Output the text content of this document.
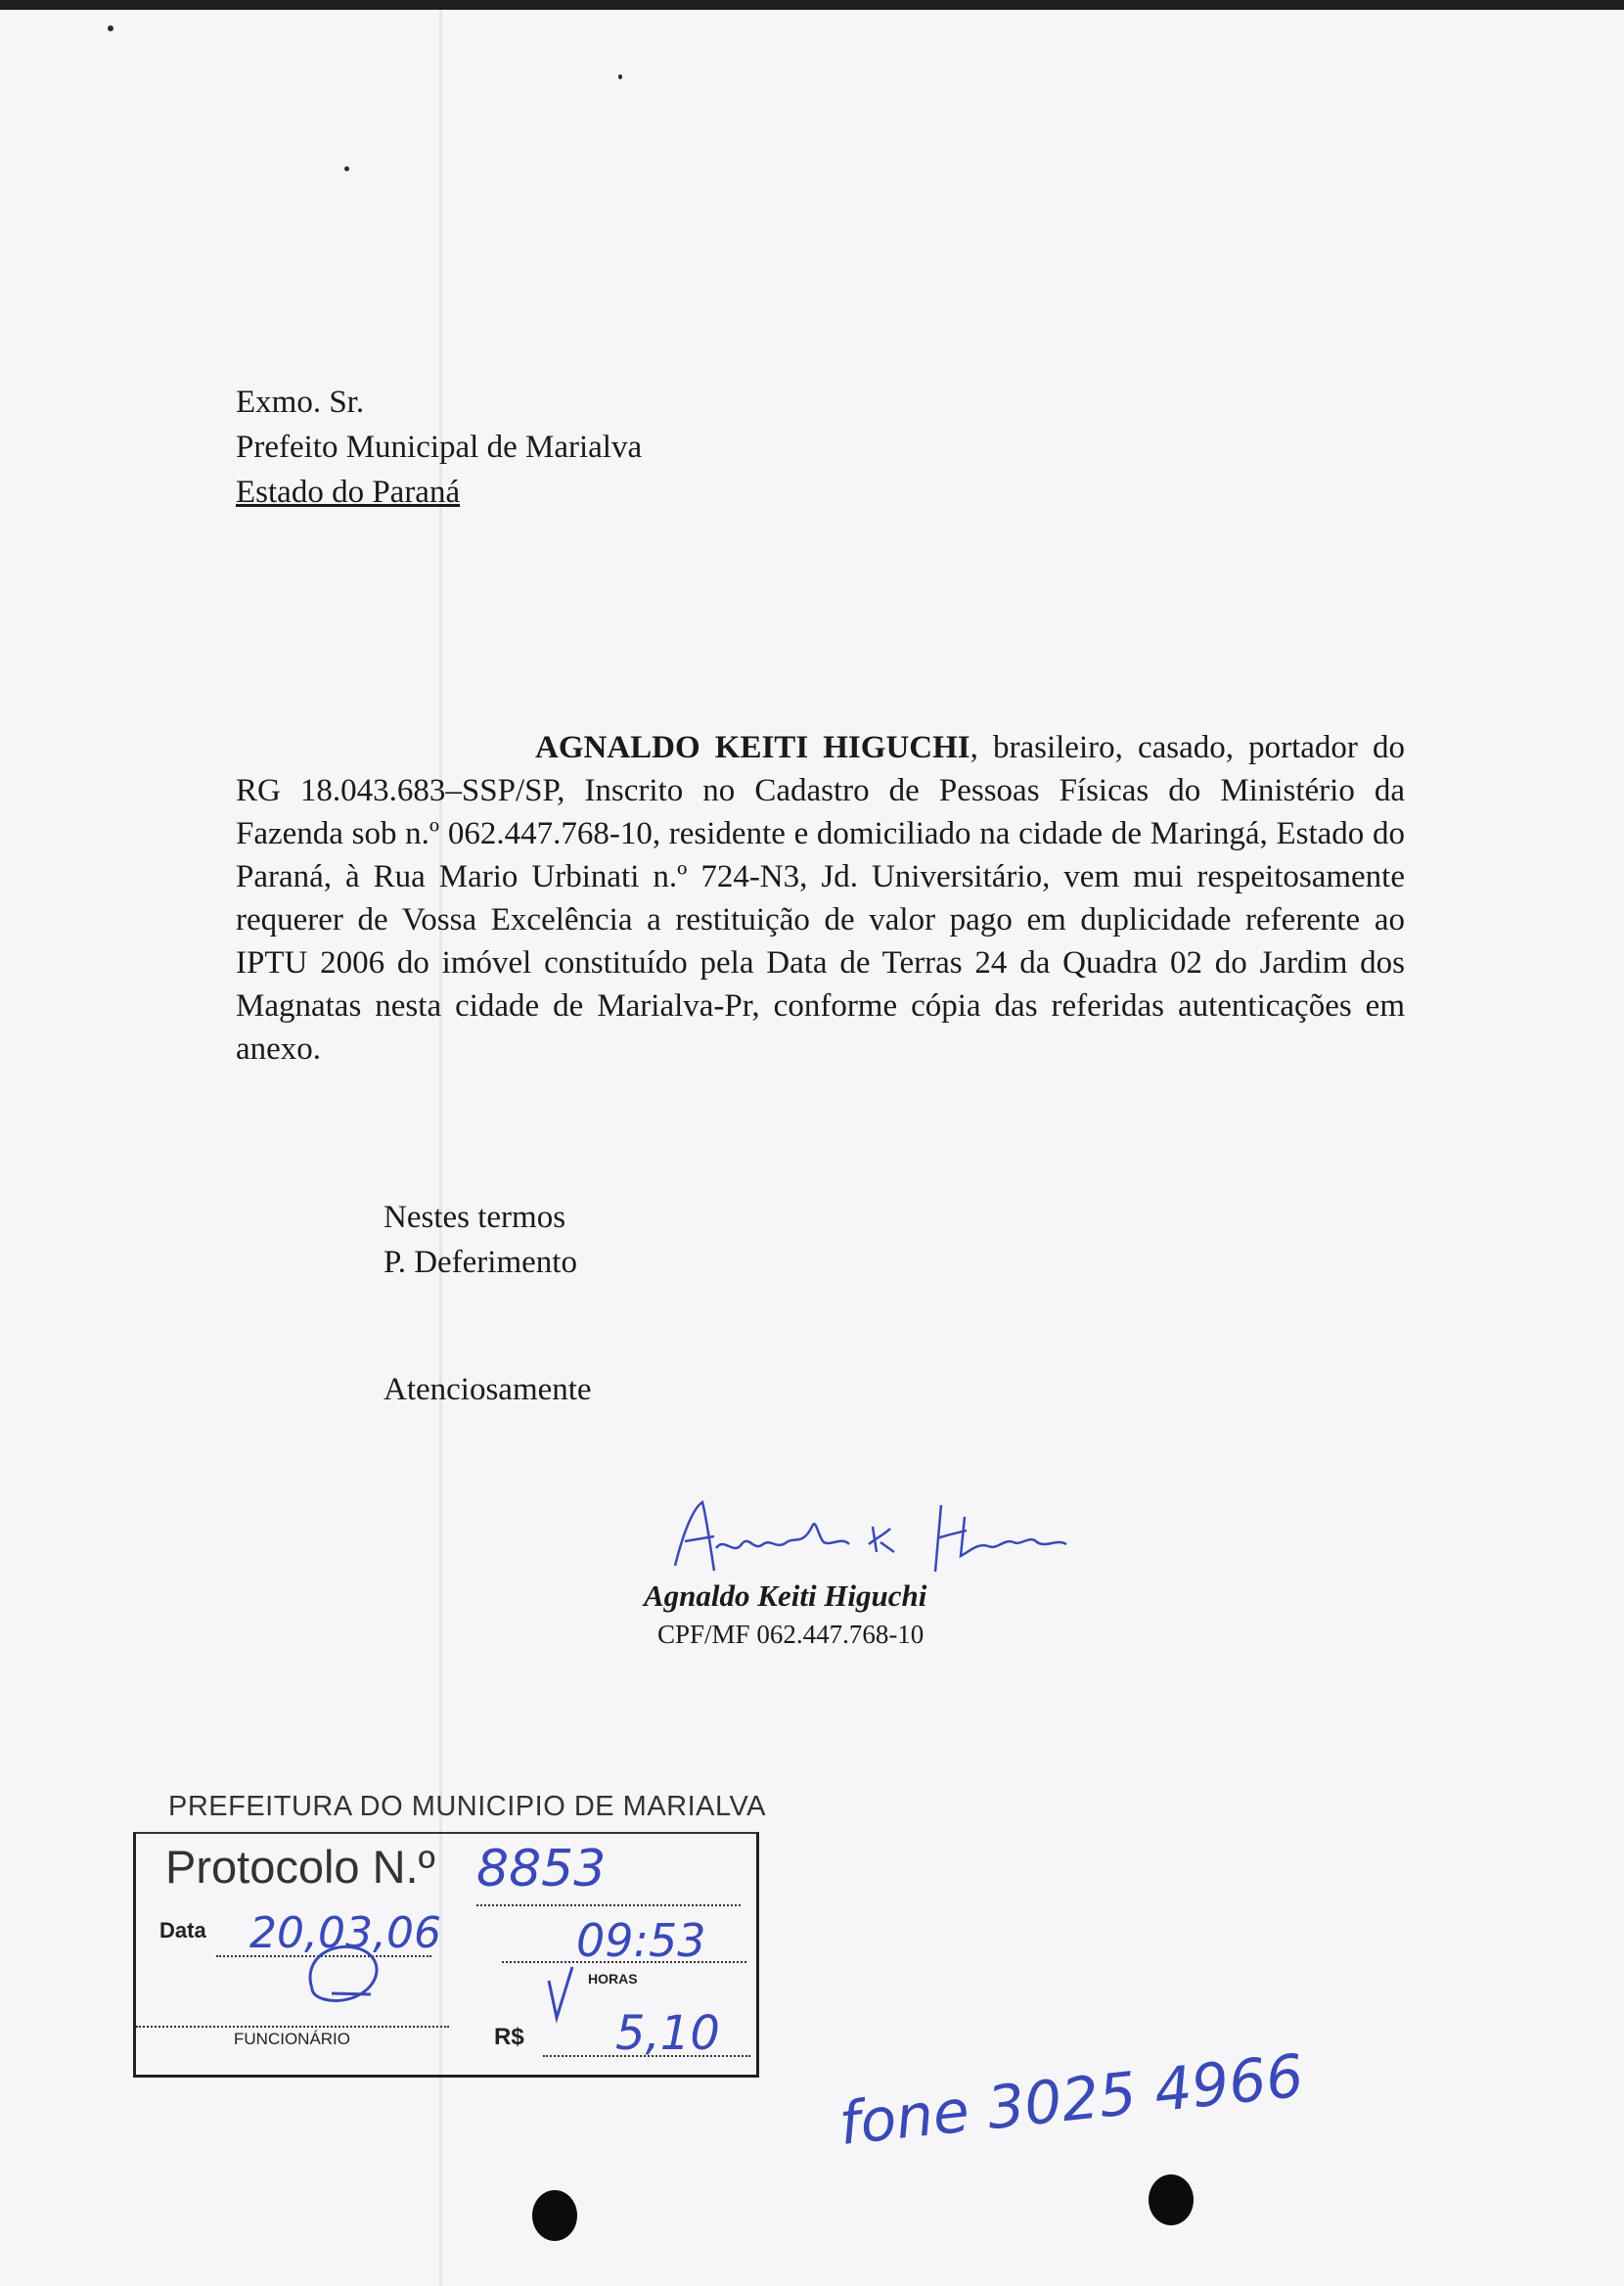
Exmo. Sr.
Prefeito Municipal de Marialva
Estado do Paraná

AGNALDO KEITI HIGUCHI, brasileiro, casado, portador do RG 18.043.683–SSP/SP, Inscrito no Cadastro de Pessoas Físicas do Ministério da Fazenda sob n.º 062.447.768-10, residente e domiciliado na cidade de Maringá, Estado do Paraná, à Rua Mario Urbinati n.º 724-N3, Jd. Universitário, vem mui respeitosamente requerer de Vossa Excelência a restituição de valor pago em duplicidade referente ao IPTU 2006 do imóvel constituído pela Data de Terras 24 da Quadra 02 do Jardim dos Magnatas nesta cidade de Marialva-Pr, conforme cópia das referidas autenticações em anexo.

Nestes termos
P. Deferimento
Atenciosamente
Agnaldo Keiti Higuchi
CPF/MF 062.447.768-10
PREFEITURA DO MUNICIPIO DE MARIALVA
Protocolo N.º 8853
Data 20,03,06	09:53
HORAS
FUNCIONÁRIO	R$ 5,10
fone 3025 4966
